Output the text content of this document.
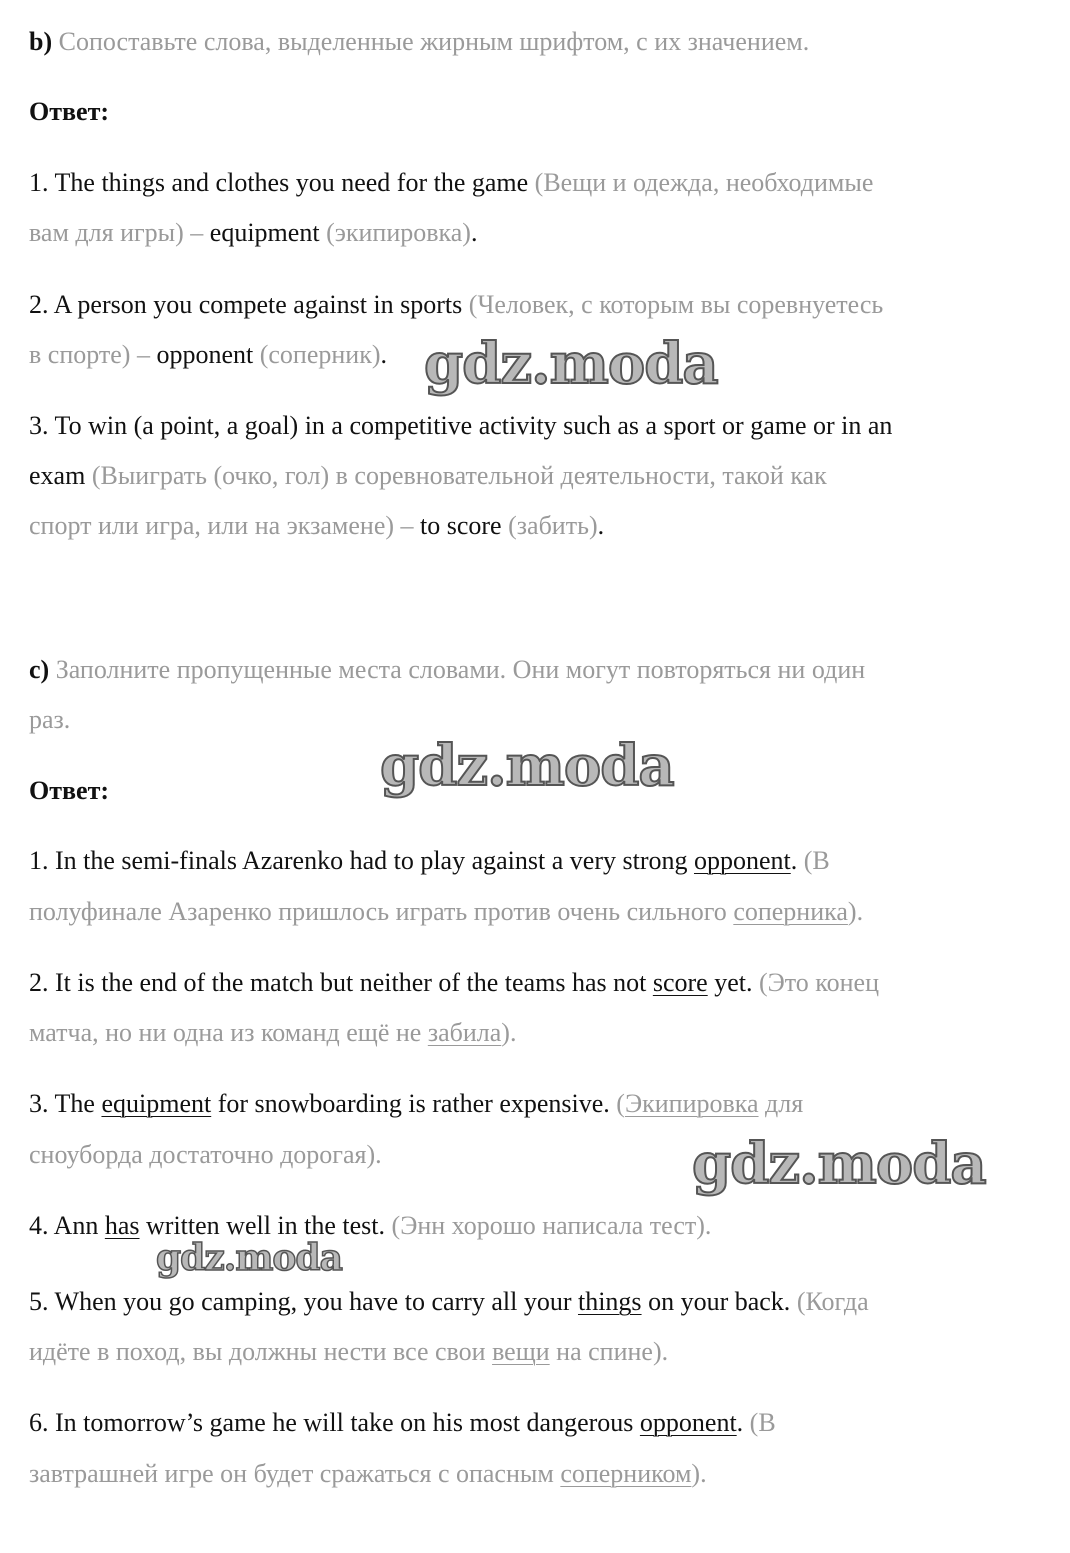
b) Сопоставьте слова, выделенные жирным шрифтом, с их значением.
Ответ:
1. The things and clothes you need for the game (Вещи и одежда, необходимые
вам для игры) – equipment (экипировка).
2. A person you compete against in sports (Человек, с которым вы соревнуетесь
в спорте) – opponent (соперник).
3. To win (a point, a goal) in a competitive activity such as a sport or game or in an
exam (Выиграть (очко, гол) в соревновательной деятельности, такой как
спорт или игра, или на экзамене) – to score (забить).
c) Заполните пропущенные места словами. Они могут повторяться ни один
раз.
Ответ:
1. In the semi-finals Azarenko had to play against a very strong opponent. (В
полуфинале Азаренко пришлось играть против очень сильного соперника).
2. It is the end of the match but neither of the teams has not score yet. (Это конец
матча, но ни одна из команд ещё не забила).
3. The equipment for snowboarding is rather expensive. (Экипировка для
сноуборда достаточно дорогая).
4. Ann has written well in the test. (Энн хорошо написала тест).
5. When you go camping, you have to carry all your things on your back. (Когда
идёте в поход, вы должны нести все свои вещи на спине).
6. In tomorrow’s game he will take on his most dangerous opponent. (В
завтрашней игре он будет сражаться с опасным соперником).
gdz.moda
gdz.moda
gdz.moda
gdz.moda
